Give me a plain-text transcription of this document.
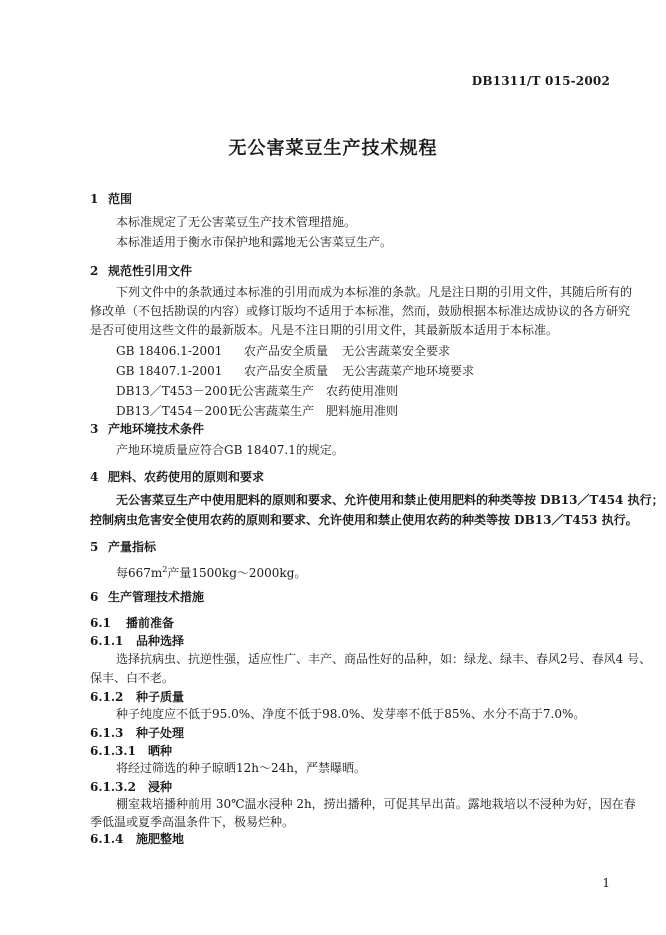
DB1311/T 015-2002
无公害菜豆生产技术规程
1 范围
本标准规定了无公害菜豆生产技术管理措施。
本标准适用于衡水市保护地和露地无公害菜豆生产。
2 规范性引用文件
下列文件中的条款通过本标准的引用而成为本标准的条款。凡是注日期的引用文件，其随后所有的
修改单（不包括勘误的内容）或修订版均不适用于本标准，然而，鼓励根据本标准达成协议的各方研究
是否可使用这些文件的最新版本。凡是不注日期的引用文件，其最新版本适用于本标准。
GB 18406.1-2001 农产品安全质量 无公害蔬菜安全要求
GB 18407.1-2001 农产品安全质量 无公害蔬菜产地环境要求
DB13／T453－2001无公害蔬菜生产 农药使用准则
DB13／T454－2001无公害蔬菜生产 肥料施用准则
3 产地环境技术条件
产地环境质量应符合GB 18407.1的规定。
4 肥料、农药使用的原则和要求
无公害菜豆生产中使用肥料的原则和要求、允许使用和禁止使用肥料的种类等按 DB13／T454 执行；
控制病虫危害安全使用农药的原则和要求、允许使用和禁止使用农药的种类等按 DB13／T453 执行。
5 产量指标
每$667m^2$产量1500kg～2000kg。
6 生产管理技术措施
6.1 播前准备
6.1.1 品种选择
选择抗病虫、抗逆性强，适应性广、丰产、商品性好的品种，如：绿龙、绿丰、春风2号、春风4 号、
保丰、白不老。
6.1.2 种子质量
种子纯度应不低于95.0%、净度不低于98.0%、发芽率不低于85%、水分不高于7.0%。
6.1.3 种子处理
6.1.3.1 晒种
将经过筛选的种子晾晒12h～24h，严禁曝晒。
6.1.3.2 浸种
棚室栽培播种前用 30℃温水浸种 2h，捞出播种，可促其早出苗。露地栽培以不浸种为好，因在春
季低温或夏季高温条件下，极易烂种。
6.1.4 施肥整地
1
